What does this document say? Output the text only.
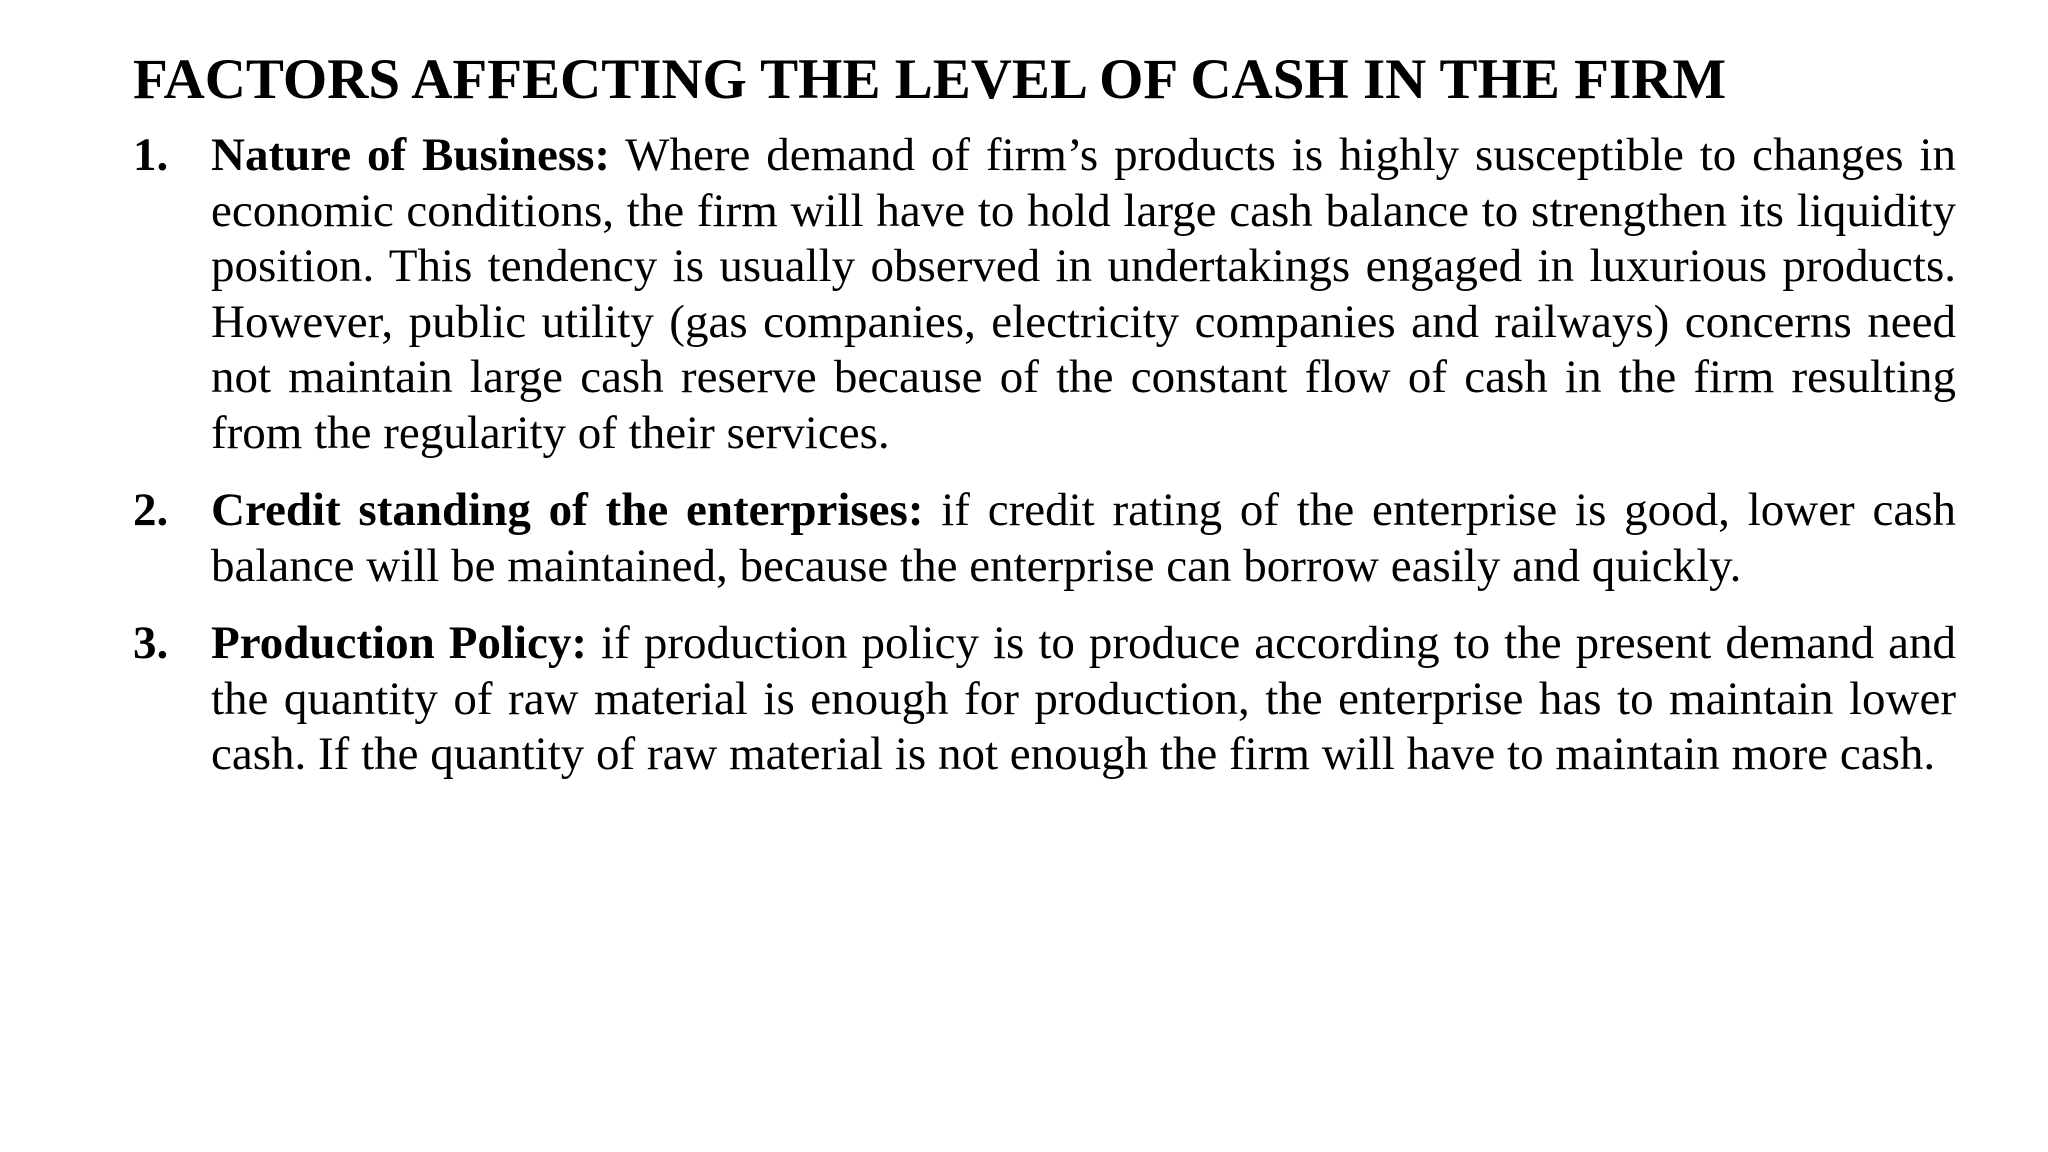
FACTORS AFFECTING THE LEVEL OF CASH IN THE FIRM
1. Nature of Business: Where demand of firm’s products is highly susceptible to changes in economic conditions, the firm will have to hold large cash balance to strengthen its liquidity position. This tendency is usually observed in undertakings engaged in luxurious products. However, public utility (gas companies, electricity companies and railways) concerns need not maintain large cash reserve because of the constant flow of cash in the firm resulting from the regularity of their services.
2. Credit standing of the enterprises: if credit rating of the enterprise is good, lower cash balance will be maintained, because the enterprise can borrow easily and quickly.
3. Production Policy: if production policy is to produce according to the present demand and the quantity of raw material is enough for production, the enterprise has to maintain lower cash. If the quantity of raw material is not enough the firm will have to maintain more cash.
